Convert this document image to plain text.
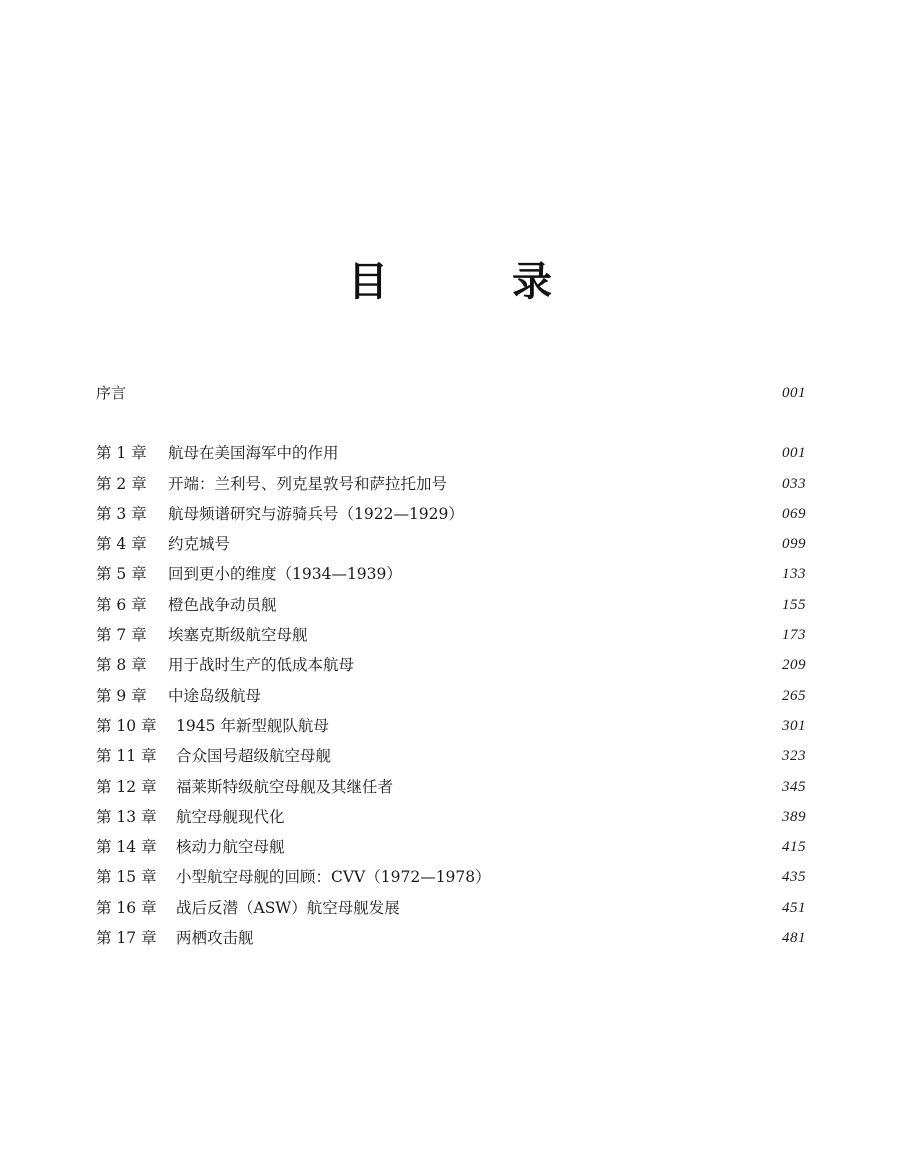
目　录
序言	001
第 1 章 航母在美国海军中的作用	001
第 2 章 开端：兰利号、列克星敦号和萨拉托加号	033
第 3 章 航母频谱研究与游骑兵号（1922—1929）	069
第 4 章 约克城号	099
第 5 章 回到更小的维度（1934—1939）	133
第 6 章 橙色战争动员舰	155
第 7 章 埃塞克斯级航空母舰	173
第 8 章 用于战时生产的低成本航母	209
第 9 章 中途岛级航母	265
第 10 章 1945 年新型舰队航母	301
第 11 章 合众国号超级航空母舰	323
第 12 章 福莱斯特级航空母舰及其继任者	345
第 13 章 航空母舰现代化	389
第 14 章 核动力航空母舰	415
第 15 章 小型航空母舰的回顾：CVV（1972—1978）	435
第 16 章 战后反潜（ASW）航空母舰发展	451
第 17 章 两栖攻击舰	481
